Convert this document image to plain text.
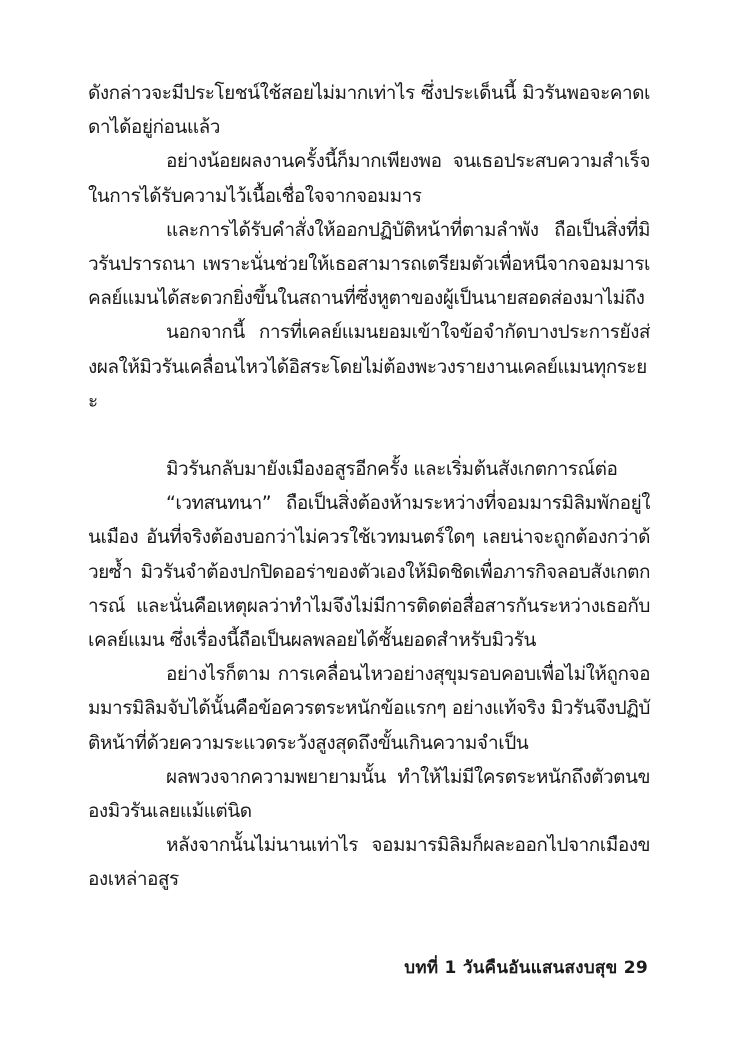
ดังกล่าวจะมีประโยชน์ใช้สอยไม่มากเท่าไร ซึ่งประเด็นนี้ มิวรันพอจะคาดเดาได้อยู่ก่อนแล้ว

อย่างน้อยผลงานครั้งนี้ก็มากเพียงพอ จนเธอประสบความสำเร็จในการได้รับความไว้เนื้อเชื่อใจจากจอมมาร

และการได้รับคำสั่งให้ออกปฏิบัติหน้าที่ตามลำพัง ถือเป็นสิ่งที่มิวรันปรารถนา เพราะนั่นช่วยให้เธอสามารถเตรียมตัวเพื่อหนีจากจอมมารเคลย์แมนได้สะดวกยิ่งขึ้นในสถานที่ซึ่งหูตาของผู้เป็นนายสอดส่องมาไม่ถึง

นอกจากนี้ การที่เคลย์แมนยอมเข้าใจข้อจำกัดบางประการยังส่งผลให้มิวรันเคลื่อนไหวได้อิสระโดยไม่ต้องพะวงรายงานเคลย์แมนทุกระยะ

มิวรันกลับมายังเมืองอสูรอีกครั้ง และเริ่มต้นสังเกตการณ์ต่อ

“เวทสนทนา” ถือเป็นสิ่งต้องห้ามระหว่างที่จอมมารมิลิมพักอยู่ในเมือง อันที่จริงต้องบอกว่าไม่ควรใช้เวทมนตร์ใดๆ เลยน่าจะถูกต้องกว่าด้วยซ้ำ มิวรันจำต้องปกปิดออร่าของตัวเองให้มิดชิดเพื่อภารกิจลอบสังเกตการณ์ และนั่นคือเหตุผลว่าทำไมจึงไม่มีการติดต่อสื่อสารกันระหว่างเธอกับเคลย์แมน ซึ่งเรื่องนี้ถือเป็นผลพลอยได้ชั้นยอดสำหรับมิวรัน

อย่างไรก็ตาม การเคลื่อนไหวอย่างสุขุมรอบคอบเพื่อไม่ให้ถูกจอมมารมิลิมจับได้นั้นคือข้อควรตระหนักข้อแรกๆ อย่างแท้จริง มิวรันจึงปฏิบัติหน้าที่ด้วยความระแวดระวังสูงสุดถึงขั้นเกินความจำเป็น

ผลพวงจากความพยายามนั้น ทำให้ไม่มีใครตระหนักถึงตัวตนของมิวรันเลยแม้แต่นิด

หลังจากนั้นไม่นานเท่าไร จอมมารมิลิมก็ผละออกไปจากเมืองของเหล่าอสูร

บทที่ 1 วันคืนอันแสนสงบสุข 29
